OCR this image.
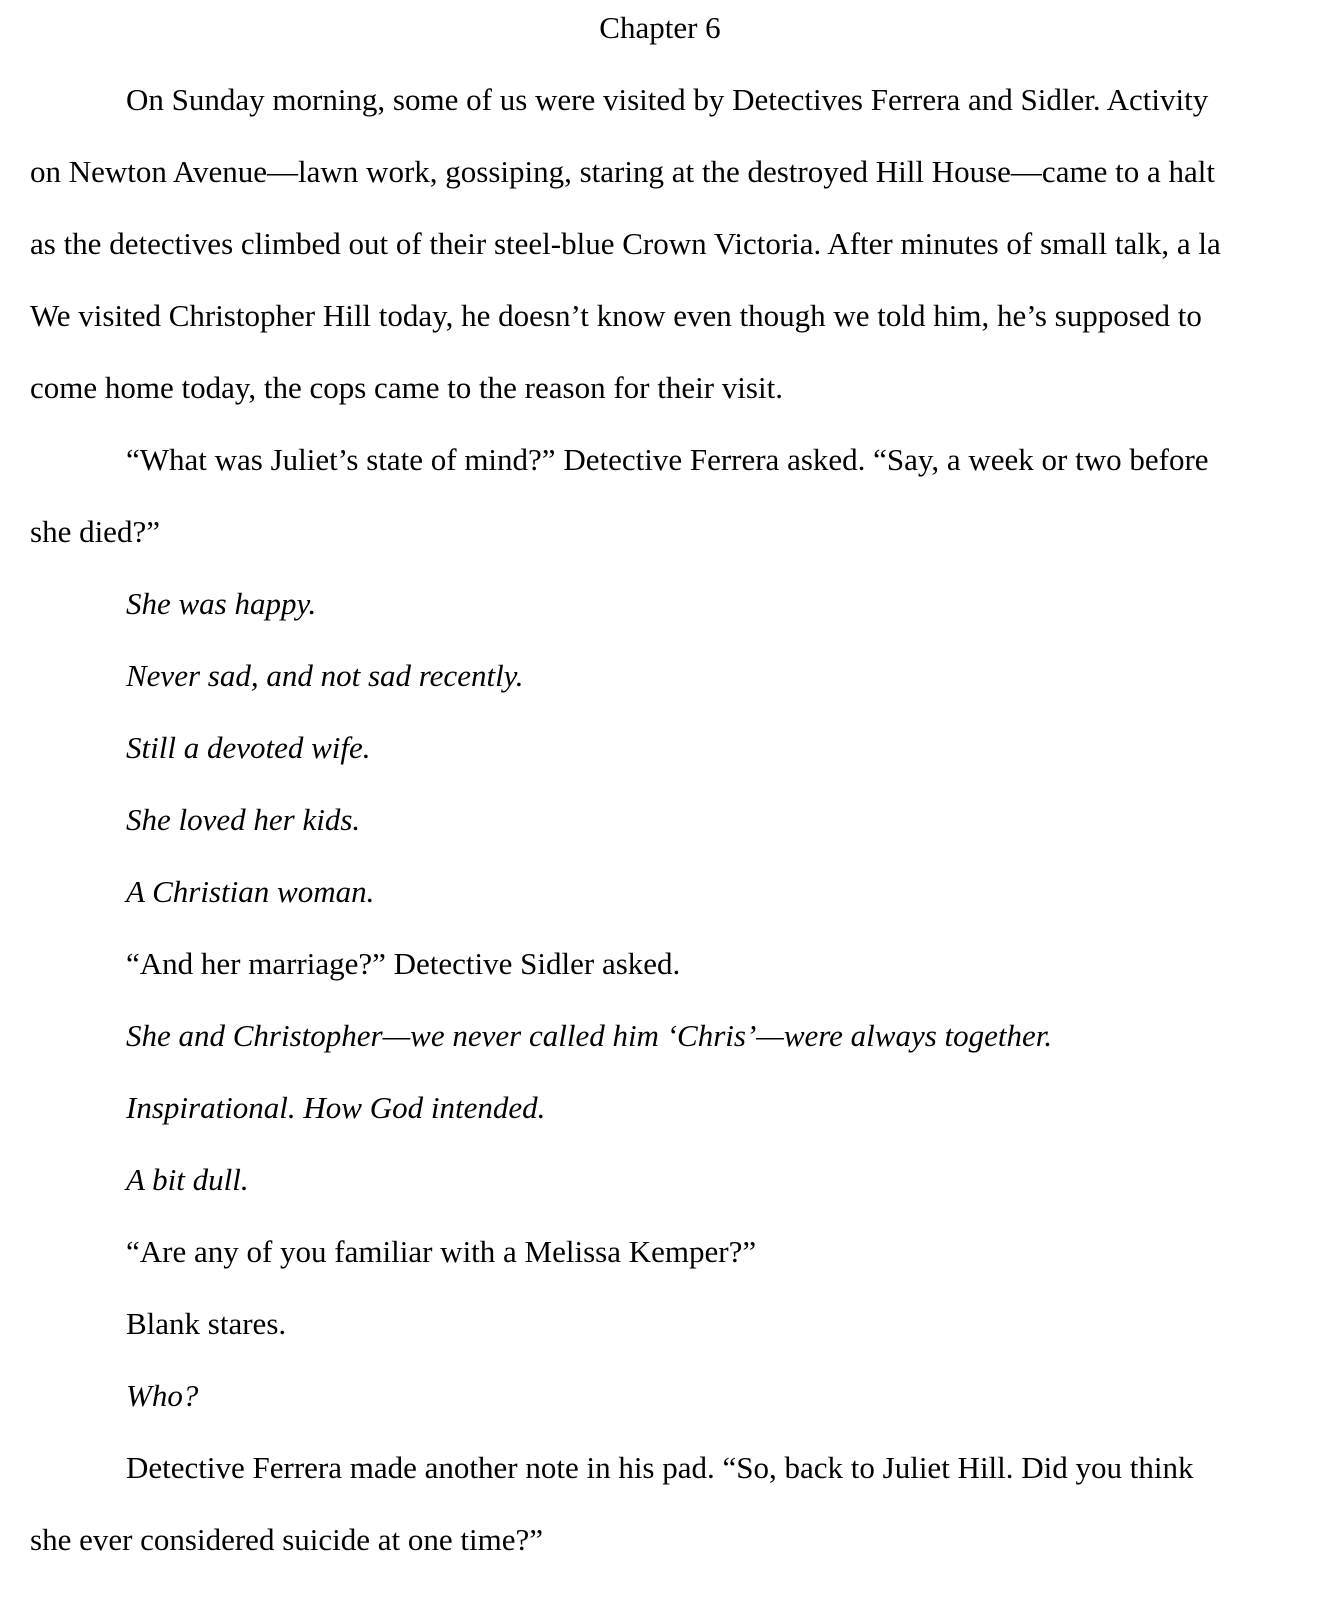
Chapter 6
On Sunday morning, some of us were visited by Detectives Ferrera and Sidler. Activity
on Newton Avenue—lawn work, gossiping, staring at the destroyed Hill House—came to a halt
as the detectives climbed out of their steel-blue Crown Victoria. After minutes of small talk, a la
We visited Christopher Hill today, he doesn’t know even though we told him, he’s supposed to
come home today, the cops came to the reason for their visit.
“What was Juliet’s state of mind?” Detective Ferrera asked. “Say, a week or two before
she died?”
She was happy.
Never sad, and not sad recently.
Still a devoted wife.
She loved her kids.
A Christian woman.
“And her marriage?” Detective Sidler asked.
She and Christopher—we never called him ‘Chris’—were always together.
Inspirational. How God intended.
A bit dull.
“Are any of you familiar with a Melissa Kemper?”
Blank stares.
Who?
Detective Ferrera made another note in his pad. “So, back to Juliet Hill. Did you think
she ever considered suicide at one time?”
